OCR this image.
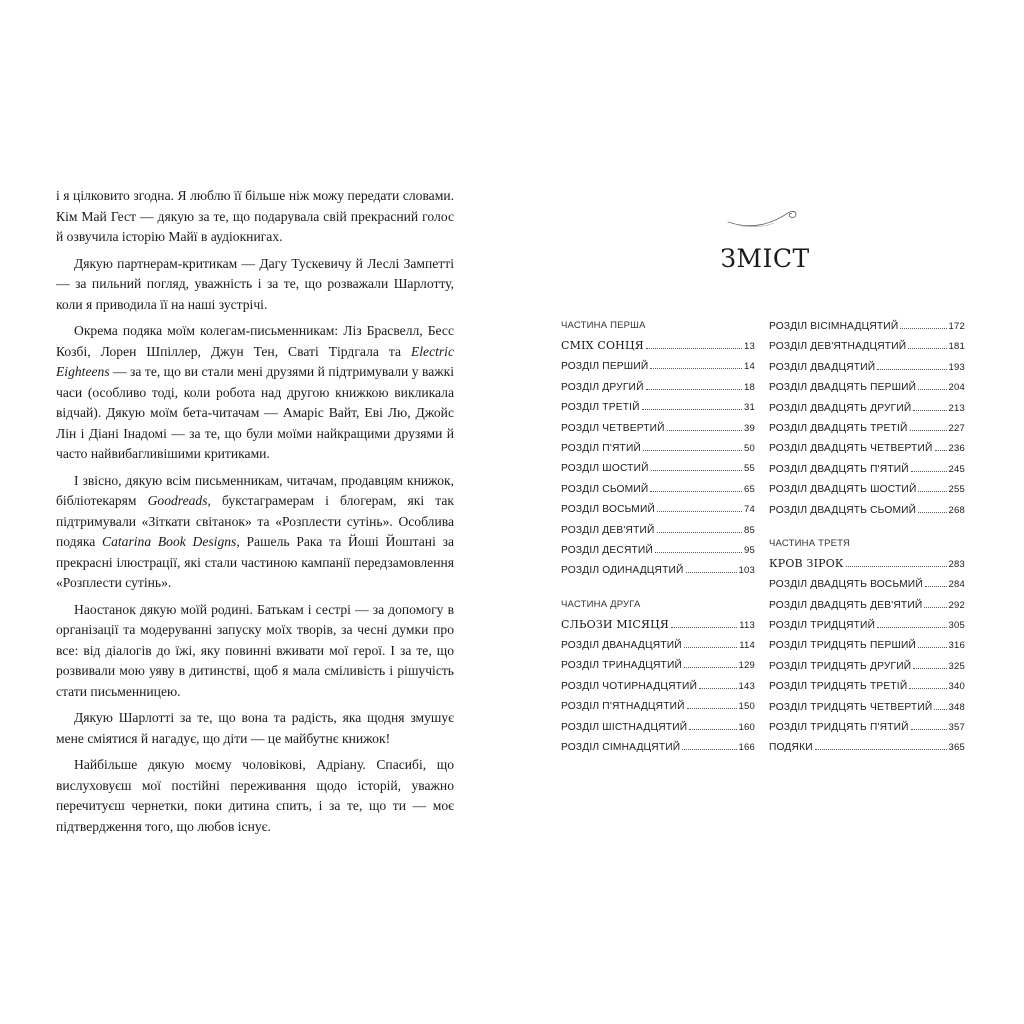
і я цілковито згодна. Я люблю її більше ніж можу передати словами. Кім Май Гест — дякую за те, що подарувала свій прекрасний голос й озвучила історію Майї в аудіокнигах.

Дякую партнерам-критикам — Дагу Тускевичу й Леслі Зампетті — за пильний погляд, уважність і за те, що розважали Шарлотту, коли я приводила її на наші зустрічі.

Окрема подяка моїм колегам-письменникам: Ліз Брасвелл, Бесс Козбі, Лорен Шпіллер, Джун Тен, Сваті Тірдгала та Electric Eighteens — за те, що ви стали мені друзями й підтримували у важкі часи (особливо тоді, коли робота над другою книжкою викликала відчай). Дякую моїм бета-читачам — Амаріс Вайт, Еві Лю, Джойс Лін і Діані Інадомі — за те, що були моїми найкращими друзями й часто найвибагливішими критиками.

І звісно, дякую всім письменникам, читачам, продавцям книжок, бібліотекарям Goodreads, букстаграмерам і блогерам, які так підтримували «Зіткати світанок» та «Розплести сутінь». Особлива подяка Catarina Book Designs, Рашель Рака та Йоші Йоштані за прекрасні ілюстрації, які стали частиною кампанії передзамовлення «Розплести сутінь».

Наостанок дякую моїй родині. Батькам і сестрі — за допомогу в організації та модеруванні запуску моїх творів, за чесні думки про все: від діалогів до їжі, яку повинні вживати мої герої. І за те, що розвивали мою уяву в дитинстві, щоб я мала сміливість і рішучість стати письменницею.

Дякую Шарлотті за те, що вона та радість, яка щодня змушує мене сміятися й нагадує, що діти — це майбутнє книжок!

Найбільше дякую моєму чоловікові, Адріану. Спасибі, що вислуховуєш мої постійні переживання щодо історій, уважно перечитуєш чернетки, поки дитина спить, і за те, що ти — моє підтвердження того, що любов існує.

ЗМІСТ
ЧАСТИНА ПЕРША
СМІХ СОНЦЯ	13
РОЗДІЛ ПЕРШИЙ	14
РОЗДІЛ ДРУГИЙ	18
РОЗДІЛ ТРЕТІЙ	31
РОЗДІЛ ЧЕТВЕРТИЙ	39
РОЗДІЛ П'ЯТИЙ	50
РОЗДІЛ ШОСТИЙ	55
РОЗДІЛ СЬОМИЙ	65
РОЗДІЛ ВОСЬМИЙ	74
РОЗДІЛ ДЕВ'ЯТИЙ	85
РОЗДІЛ ДЕСЯТИЙ	95
РОЗДІЛ ОДИНАДЦЯТИЙ	103
ЧАСТИНА ДРУГА
СЛЬОЗИ МІСЯЦЯ	113
РОЗДІЛ ДВАНАДЦЯТИЙ	114
РОЗДІЛ ТРИНАДЦЯТИЙ	129
РОЗДІЛ ЧОТИРНАДЦЯТИЙ	143
РОЗДІЛ П'ЯТНАДЦЯТИЙ	150
РОЗДІЛ ШІСТНАДЦЯТИЙ	160
РОЗДІЛ СІМНАДЦЯТИЙ	166
РОЗДІЛ ВІСІМНАДЦЯТИЙ	172
РОЗДІЛ ДЕВ'ЯТНАДЦЯТИЙ	181
РОЗДІЛ ДВАДЦЯТИЙ	193
РОЗДІЛ ДВАДЦЯТЬ ПЕРШИЙ	204
РОЗДІЛ ДВАДЦЯТЬ ДРУГИЙ	213
РОЗДІЛ ДВАДЦЯТЬ ТРЕТІЙ	227
РОЗДІЛ ДВАДЦЯТЬ ЧЕТВЕРТИЙ 236
РОЗДІЛ ДВАДЦЯТЬ П'ЯТИЙ	245
РОЗДІЛ ДВАДЦЯТЬ ШОСТИЙ	255
РОЗДІЛ ДВАДЦЯТЬ СЬОМИЙ	268
ЧАСТИНА ТРЕТЯ
КРОВ ЗІРОК	283
РОЗДІЛ ДВАДЦЯТЬ ВОСЬМИЙ	284
РОЗДІЛ ДВАДЦЯТЬ ДЕВ'ЯТИЙ	292
РОЗДІЛ ТРИДЦЯТИЙ	305
РОЗДІЛ ТРИДЦЯТЬ ПЕРШИЙ	316
РОЗДІЛ ТРИДЦЯТЬ ДРУГИЙ	325
РОЗДІЛ ТРИДЦЯТЬ ТРЕТІЙ	340
РОЗДІЛ ТРИДЦЯТЬ ЧЕТВЕРТИЙ 348
РОЗДІЛ ТРИДЦЯТЬ П'ЯТИЙ	357
ПОДЯКИ	365
